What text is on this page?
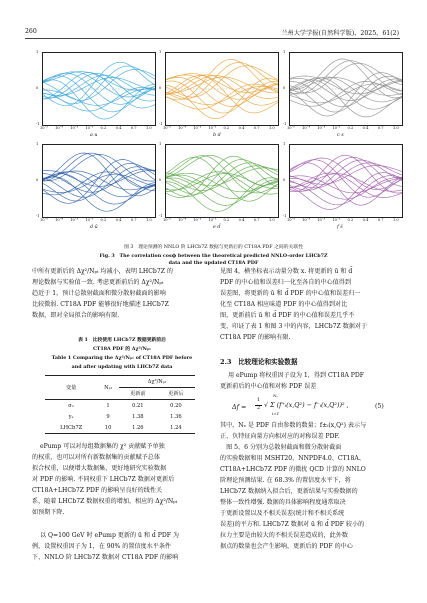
260	兰州大学学报(自然科学版)，2025，61(2)
10⁻⁵ 10⁻⁴ 10⁻³ 10⁻² 0.2	0.4	0.7	1.0
1
0
-1
a u
10⁻⁵ 10⁻⁴ 10⁻³ 10⁻² 0.2	0.4	0.7	1.0
1
0
-1
b d
10⁻⁵ 10⁻⁴ 10⁻³ 10⁻² 0.2	0.4	0.7	1.0
1
0
-1
c s
10⁻⁵ 10⁻⁴ 10⁻³ 10⁻² 0.2	0.4	0.7	1.0
1
0
-1
d ū
10⁻⁵ 10⁻⁴ 10⁻³ 10⁻² 0.2	0.4	0.7	1.0
1
0
-1
e d̄
10⁻⁵ 10⁻⁴ 10⁻³ 10⁻² 0.2	0.4	0.7	1.0
1
0
-1
f s̄
图 3　理论预测的 NNLO 阶 LHCb7Z 数据与更新后的 CT18A PDF 之间的关联性
Fig. 3　The correlation cosϕ between the theoretical predicted NNLO-order LHCb7Z
data and the updated CT18A PDF
中所有更新后的 Δχ²/Nₚₜ 均减小，表明 LHCb7Z 的
理论数据与实验值一致. 考虑更新前后的 Δχ²/Nₚₜ
趋近于 1，预计总散射截面和微分散射截面的影响
比较微弱. CT18A PDF 能够很好地描述 LHCb7Z
数据，即对全局拟合的影响有限.
表 1　比较使用 LHCb7Z 数据更新前后
CT18A PDF 的 Δχ²/Nₚₜ
Table 1 Comparing the Δχ²/Nₚₜ of CT18A PDF before
and after updating with LHCb7Z data
变量	Nₚₜ	Δχ²/Nₚₜ	
		更新前	更新后
σₓ	1	0.21	0.20
yₓ	9	1.38	1.36
LHCb7Z	10	1.26	1.24
ePump 可以对每组数据集的 χ² 贡献赋予单独
的权重，也可以对所有新数据集的贡献赋予总体
拟合权重，以便增大数据集，更好地研究实验数据
对 PDF 的影响. 不同权重下 LHCb7Z 数据对更新后
CT18A+LHCb7Z PDF 的影响呈良好的线性关
系，随着 LHCb7Z 数据权重的增加，相应的 Δχ²/Nₚₜ
如预期下降.
以 Q=100 GeV 时 ePump 更新的 ū 和 d̄ PDF 为
例，设置权重因子为 1，在 90% 的置信度水平条件
下，NNLO 阶 LHCb7Z 数据对 CT18A PDF 的影响
见图 4，横坐标表示动量分数 x. 将更新的 ū 和 d̄
PDF 的中心值和误差归一化至各自的中心值得到
误差图，将更新的 ū 和 d̄ PDF 的中心值和误差归一
化至 CT18A 相应味道 PDF 的中心值得到对比
图，更新前后 ū 和 d̄ PDF 的中心值和误差几乎不
变，印证了表 1 和图 3 中的内容，LHCb7Z 数据对于
CT18A PDF 的影响有限.
2.3　比较理论和实验数据
用 ePump 将权重因子设为 1，得到 CT18A PDF
更新前后的中心值和对称 PDF 误差
Δf =
1
2
Nₑ
i=1
√ Σ (f⁺ᵢ(x,Q²) − f⁻ᵢ(x,Q²))² ,	(5)
其中，Nₑ 是 PDF 自由参数的数量；f±ᵢ(x,Q²) 表示与
正、负特征向量方向相对应的对称误差 PDF.
　图 5、6 分别为总散射截面和微分散射截面
的实验数据和用 MSHT20、NNPDF4.0、CT18A、
CT18A+LHCb7Z PDF 的微扰 QCD 计算的 NNLO
阶理论预测结果. 在 68.3% 的置信度水平下，将
LHCb7Z 数据纳入拟合后，更新结果与实验数据的
整体一致性增强. 数据的具体影响程度通常取决
于更新设置以及不相关误差(统计和不相关系统
误差)的平方和. LHCb7Z 数据对 ū 和 d̄ PDF 较小的
拉力主要是由较大的不相关误差造成的，此外数
据点的数量也会产生影响，更新后的 PDF 的中心
